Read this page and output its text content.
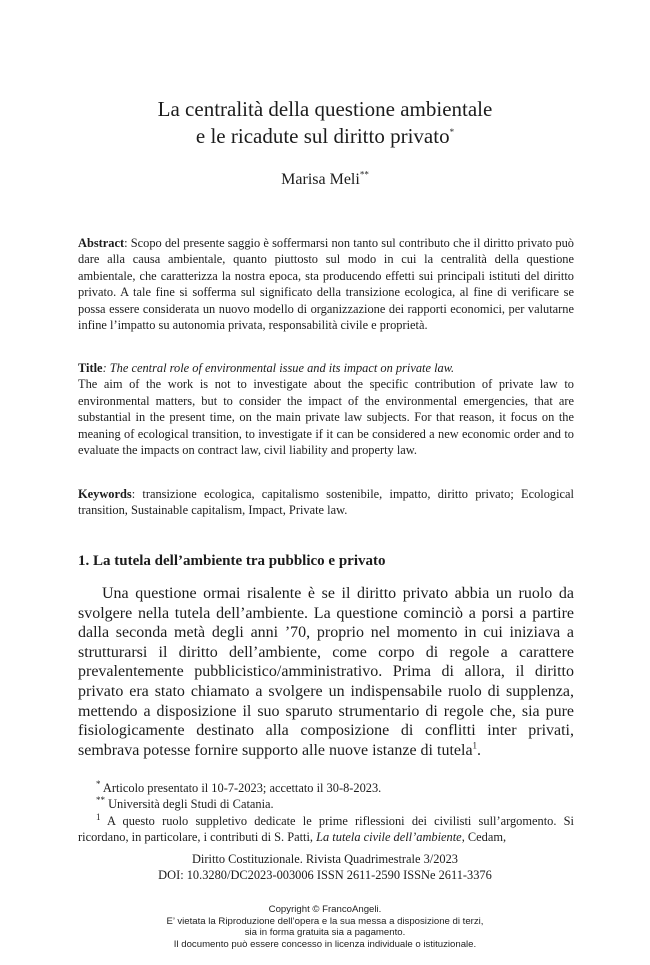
La centralità della questione ambientale
e le ricadute sul diritto privato*
Marisa Meli**

Abstract: Scopo del presente saggio è soffermarsi non tanto sul contributo che il diritto privato può dare alla causa ambientale, quanto piuttosto sul modo in cui la centralità della questione ambientale, che caratterizza la nostra epoca, sta producendo effetti sui principali istituti del diritto privato. A tale fine si sofferma sul significato della transizione ecologica, al fine di verificare se possa essere considerata un nuovo modello di organizzazione dei rapporti economici, per valutarne infine l’impatto su autonomia privata, responsabilità civile e proprietà.

Title: The central role of environmental issue and its impact on private law.
The aim of the work is not to investigate about the specific contribution of private law to environmental matters, but to consider the impact of the environmental emergencies, that are substantial in the present time, on the main private law subjects. For that reason, it focus on the meaning of ecological transition, to investigate if it can be considered a new economic order and to evaluate the impacts on contract law, civil liability and property law.

Keywords: transizione ecologica, capitalismo sostenibile, impatto, diritto privato; Ecological transition, Sustainable capitalism, Impact, Private law.

1. La tutela dell’ambiente tra pubblico e privato

Una questione ormai risalente è se il diritto privato abbia un ruolo da svolgere nella tutela dell’ambiente. La questione cominciò a porsi a partire dalla seconda metà degli anni ’70, proprio nel momento in cui iniziava a strutturarsi il diritto dell’ambiente, come corpo di regole a carattere prevalentemente pubblicistico/amministrativo. Prima di allora, il diritto privato era stato chiamato a svolgere un indispensabile ruolo di supplenza, mettendo a disposizione il suo sparuto strumentario di regole che, sia pure fisiologicamente destinato alla composizione di conflitti inter privati, sembrava potesse fornire supporto alle nuove istanze di tutela$^1$.

* Articolo presentato il 10-7-2023; accettato il 30-8-2023.

** Università degli Studi di Catania.

$^1$ A questo ruolo suppletivo dedicate le prime riflessioni dei civilisti sull’argomento. Si ricordano, in particolare, i contributi di S. Patti, La tutela civile dell’ambiente, Cedam,

Diritto Costituzionale. Rivista Quadrimestrale 3/2023
DOI: 10.3280/DC2023-003006 ISSN 2611-2590 ISSNe 2611-3376
Copyright © FrancoAngeli.
E’ vietata la Riproduzione dell’opera e la sua messa a disposizione di terzi,
sia in forma gratuita sia a pagamento.
Il documento può essere concesso in licenza individuale o istituzionale.
